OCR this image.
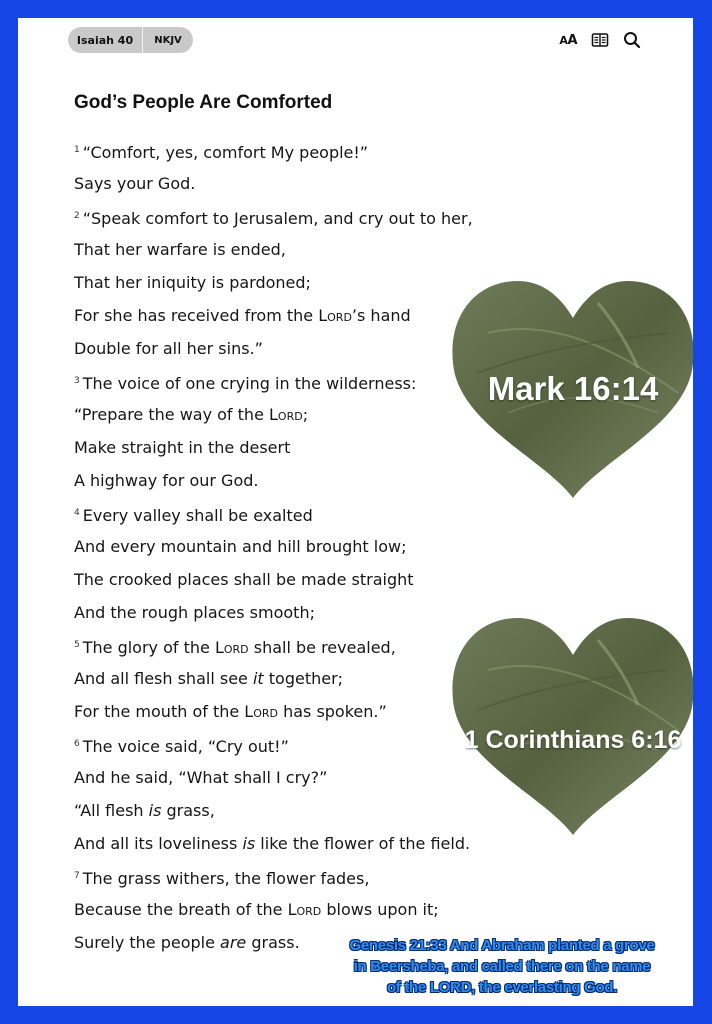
Isaiah 40	NKJV	AA
God’s People Are Comforted
$^1$ “Comfort, yes, comfort My people!”
Says your God.
$^2$ “Speak comfort to Jerusalem, and cry out to her,
That her warfare is ended,
That her iniquity is pardoned;
For she has received from the Lord’s hand
Double for all her sins.”
$^3$ The voice of one crying in the wilderness:
“Prepare the way of the Lord;
Make straight in the desert
A highway for our God.
$^4$ Every valley shall be exalted
And every mountain and hill brought low;
The crooked places shall be made straight
And the rough places smooth;
$^5$ The glory of the Lord shall be revealed,
And all flesh shall see it together;
For the mouth of the Lord has spoken.”
$^6$ The voice said, “Cry out!”
And he said, “What shall I cry?”
“All flesh is grass,
And all its loveliness is like the flower of the field.
$^7$ The grass withers, the flower fades,
Because the breath of the Lord blows upon it;
Surely the people are grass.
Mark 16:14
1 Corinthians 6:16
Genesis 21:33 And Abraham planted a grove
in Beersheba, and called there on the name
of the LORD, the everlasting God.
